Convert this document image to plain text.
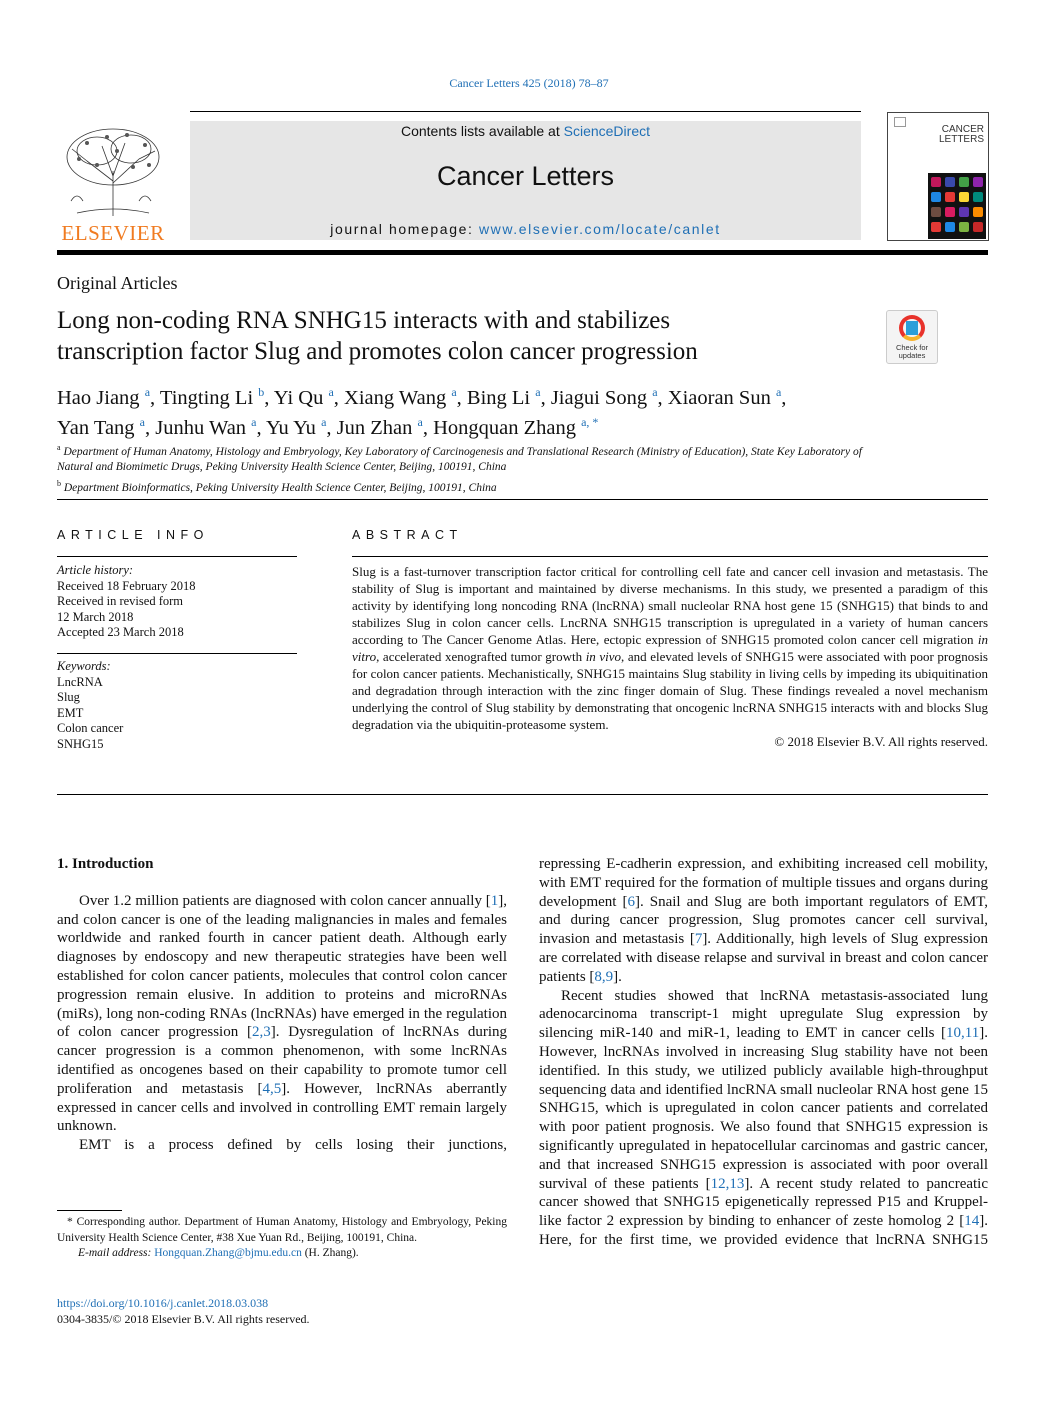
Cancer Letters 425 (2018) 78–87
ELSEVIER
Contents lists available at ScienceDirect
Cancer Letters
journal homepage: www.elsevier.com/locate/canlet
CANCER
LETTERS
Original Articles
Long non-coding RNA SNHG15 interacts with and stabilizes
transcription factor Slug and promotes colon cancer progression	Check for
updates
Hao Jiang $^a$, Tingting Li $^b$, Yi Qu $^a$, Xiang Wang $^a$, Bing Li $^a$, Jiagui Song $^a$, Xiaoran Sun $^a$,
Yan Tang $^a$, Junhu Wan $^a$, Yu Yu $^a$, Jun Zhan $^a$, Hongquan Zhang $^{a, *}$
$^a$ Department of Human Anatomy, Histology and Embryology, Key Laboratory of Carcinogenesis and Translational Research (Ministry of Education), State Key Laboratory of Natural and Biomimetic Drugs, Peking University Health Science Center, Beijing, 100191, China
$^b$ Department Bioinformatics, Peking University Health Science Center, Beijing, 100191, China
ARTICLE INFO
Article history:
Received 18 February 2018
Received in revised form
12 March 2018
Accepted 23 March 2018
Keywords:
LncRNA
Slug
EMT
Colon cancer
SNHG15
ABSTRACT
Slug is a fast-turnover transcription factor critical for controlling cell fate and cancer cell invasion and metastasis. The stability of Slug is important and maintained by diverse mechanisms. In this study, we presented a paradigm of this activity by identifying long noncoding RNA (lncRNA) small nucleolar RNA host gene 15 (SNHG15) that binds to and stabilizes Slug in colon cancer cells. LncRNA SNHG15 transcription is upregulated in a variety of human cancers according to The Cancer Genome Atlas. Here, ectopic expression of SNHG15 promoted colon cancer cell migration in vitro, accelerated xenografted tumor growth in vivo, and elevated levels of SNHG15 were associated with poor prognosis for colon cancer patients. Mechanistically, SNHG15 maintains Slug stability in living cells by impeding its ubiquitination and degradation through interaction with the zinc finger domain of Slug. These findings revealed a novel mechanism underlying the control of Slug stability by demonstrating that oncogenic lncRNA SNHG15 interacts with and blocks Slug degradation via the ubiquitin-proteasome system.
© 2018 Elsevier B.V. All rights reserved.
1. Introduction

Over 1.2 million patients are diagnosed with colon cancer annually [1], and colon cancer is one of the leading malignancies in males and females worldwide and ranked fourth in cancer patient death. Although early diagnoses by endoscopy and new therapeutic strategies have been well established for colon cancer patients, molecules that control colon cancer progression remain elusive. In addition to proteins and microRNAs (miRs), long non-coding RNAs (lncRNAs) have emerged in the regulation of colon cancer progression [2,3]. Dysregulation of lncRNAs during cancer progression is a common phenomenon, with some lncRNAs identified as oncogenes based on their capability to promote tumor cell proliferation and metastasis [4,5]. However, lncRNAs aberrantly expressed in cancer cells and involved in controlling EMT remain largely unknown.

EMT is a process defined by cells losing their junctions,

repressing E-cadherin expression, and exhibiting increased cell mobility, with EMT required for the formation of multiple tissues and organs during development [6]. Snail and Slug are both important regulators of EMT, and during cancer progression, Slug promotes cancer cell survival, invasion and metastasis [7]. Additionally, high levels of Slug expression are correlated with disease relapse and survival in breast and colon cancer patients [8,9].

Recent studies showed that lncRNA metastasis-associated lung adenocarcinoma transcript-1 might upregulate Slug expression by silencing miR-140 and miR-1, leading to EMT in cancer cells [10,11]. However, lncRNAs involved in increasing Slug stability have not been identified. In this study, we utilized publicly available high-throughput sequencing data and identified lncRNA small nucleolar RNA host gene 15 SNHG15, which is upregulated in colon cancer patients and correlated with poor patient prognosis. We also found that SNHG15 expression is significantly upregulated in hepatocellular carcinomas and gastric cancer, and that increased SNHG15 expression is associated with poor overall survival of these patients [12,13]. A recent study related to pancreatic cancer showed that SNHG15 epigenetically repressed P15 and Kruppel-like factor 2 expression by binding to enhancer of zeste homolog 2 [14]. Here, for the first time, we provided evidence that lncRNA SNHG15

* Corresponding author. Department of Human Anatomy, Histology and Embryology, Peking University Health Science Center, #38 Xue Yuan Rd., Beijing, 100191, China.
E-mail address: Hongquan.Zhang@bjmu.edu.cn (H. Zhang).
https://doi.org/10.1016/j.canlet.2018.03.038
0304-3835/© 2018 Elsevier B.V. All rights reserved.
